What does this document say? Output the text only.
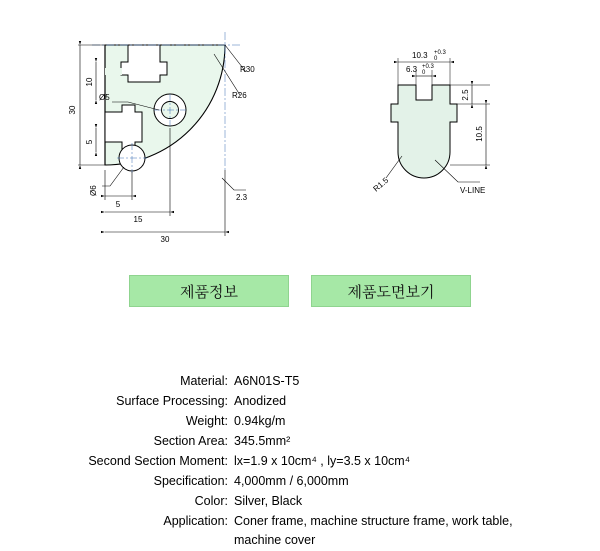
R30
R26
Ø5
Ø6
30
10
5
5
15
30
2.3
10.3 +0.3
0
6.3 +0.3
0
2.5
10.5
R1.5	V-LINE
제품정보	제품도면보기
Material: A6N01S-T5
Surface Processing: Anodized
Weight: 0.94kg/m
Section Area: 345.5mm²
Second Section Moment: lx=1.9 x 10cm⁴ , ly=3.5 x 10cm⁴
Specification: 4,000mm / 6,000mm
Color: Silver, Black
Application: Coner frame, machine structure frame, work table,
machine cover
